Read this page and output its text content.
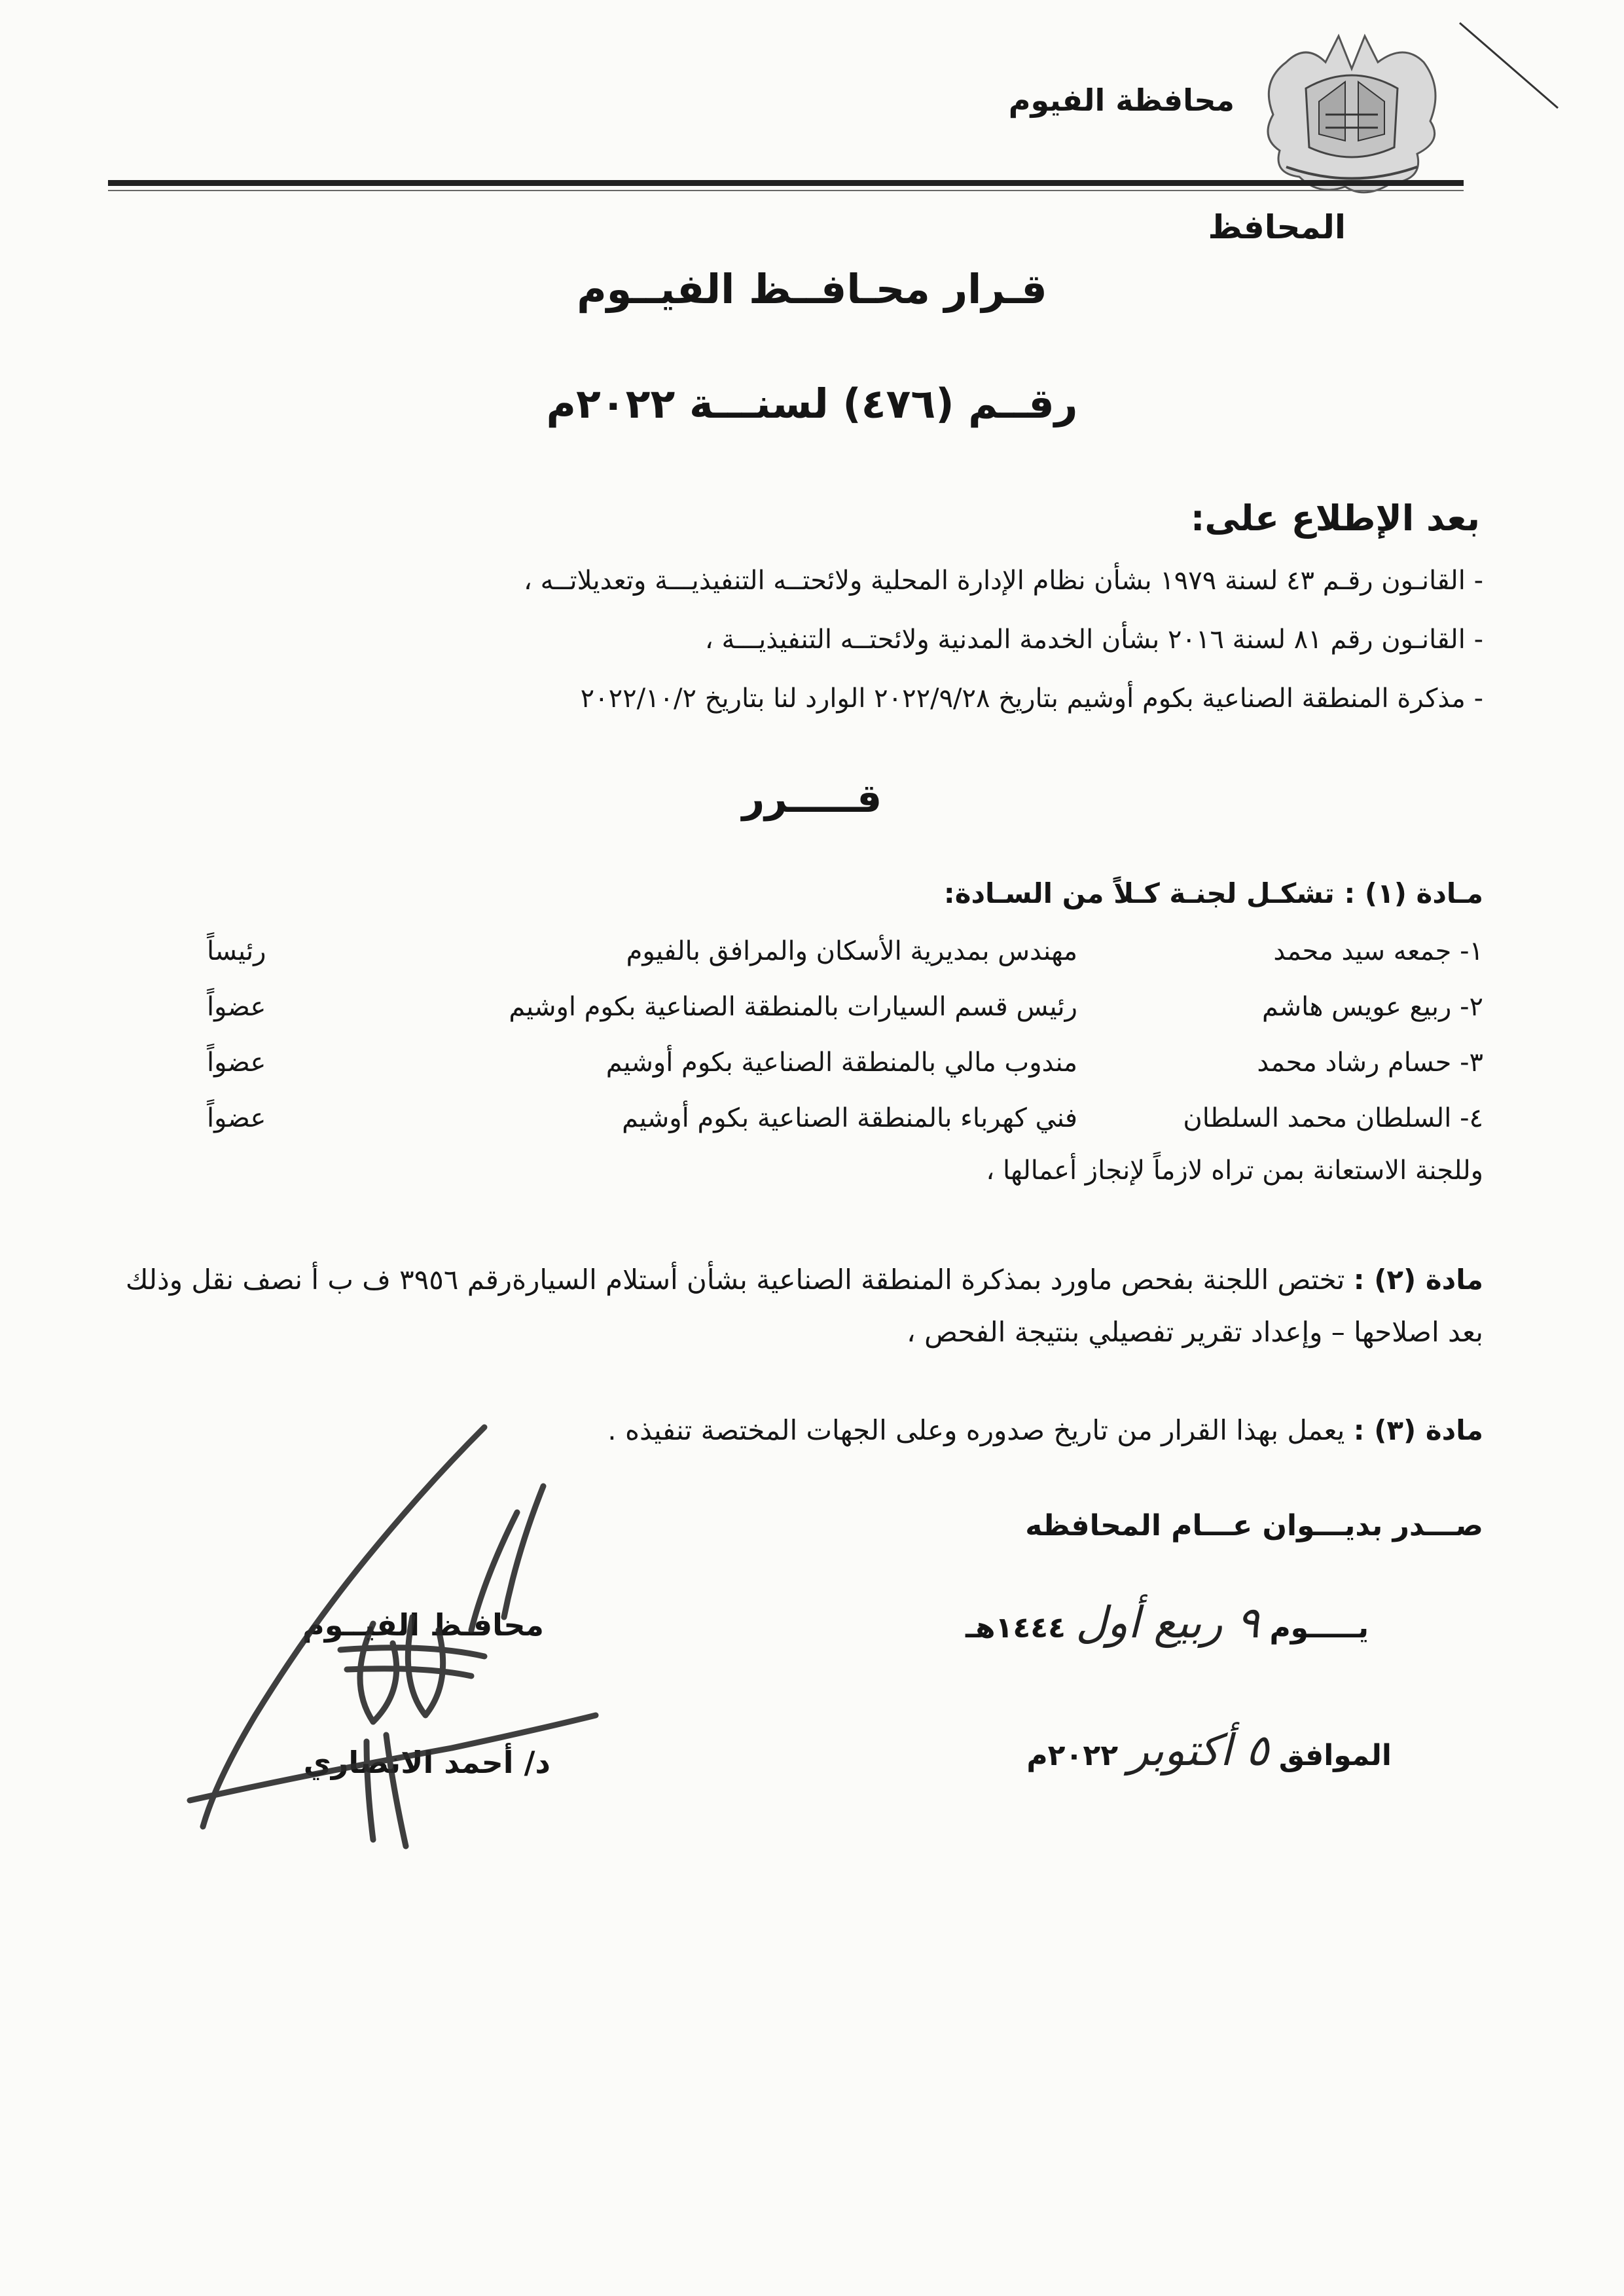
محافظة الفيوم
المحافظ
قـرار محـافــظ الفيــوم
رقــم (٤٧٦) لسنـــة ٢٠٢٢م
بعد الإطلاع على:
- القانـون رقـم ٤٣ لسنة ١٩٧٩ بشأن نظام الإدارة المحلية ولائحتــه التنفيذيـــة وتعديلاتــه ،
- القانـون رقم ٨١ لسنة ٢٠١٦ بشأن الخدمة المدنية ولائحتــه التنفيذيـــة ،
- مذكرة المنطقة الصناعية بكوم أوشيم بتاريخ ٢٠٢٢/٩/٢٨ الوارد لنا بتاريخ ٢٠٢٢/١٠/٢
قـــــرر
مـادة (١) : تشكـل لجنـة كـلاً من السـادة:
١- جمعه سيد محمد
مهندس بمديرية الأسكان والمرافق بالفيوم
رئيساً
٢- ربيع عويس هاشم
رئيس قسم السيارات بالمنطقة الصناعية بكوم اوشيم
عضواً
٣- حسام رشاد محمد
مندوب مالي بالمنطقة الصناعية بكوم أوشيم
عضواً
٤- السلطان محمد السلطان
فني كهرباء بالمنطقة الصناعية بكوم أوشيم
عضواً
وللجنة الاستعانة بمن تراه لازماً لإنجاز أعمالها ،
مادة (٢) : تختص اللجنة بفحص ماورد بمذكرة المنطقة الصناعية بشأن أستلام السيارةرقم ٣٩٥٦ ف ب أ نصف نقل وذلك بعد اصلاحها – وإعداد تقرير تفصيلي بنتيجة الفحص ،
مادة (٣) : يعمل بهذا القرار من تاريخ صدوره وعلى الجهات المختصة تنفيذه .
صـــدر بديـــوان عـــام المحافظه
يـــــوم ٩ ربيع أول ١٤٤٤هـ
الموافق ٥ أكتوبر ٢٠٢٢م
محافـظ الفيــوم
د/ أحمد الانصاري
